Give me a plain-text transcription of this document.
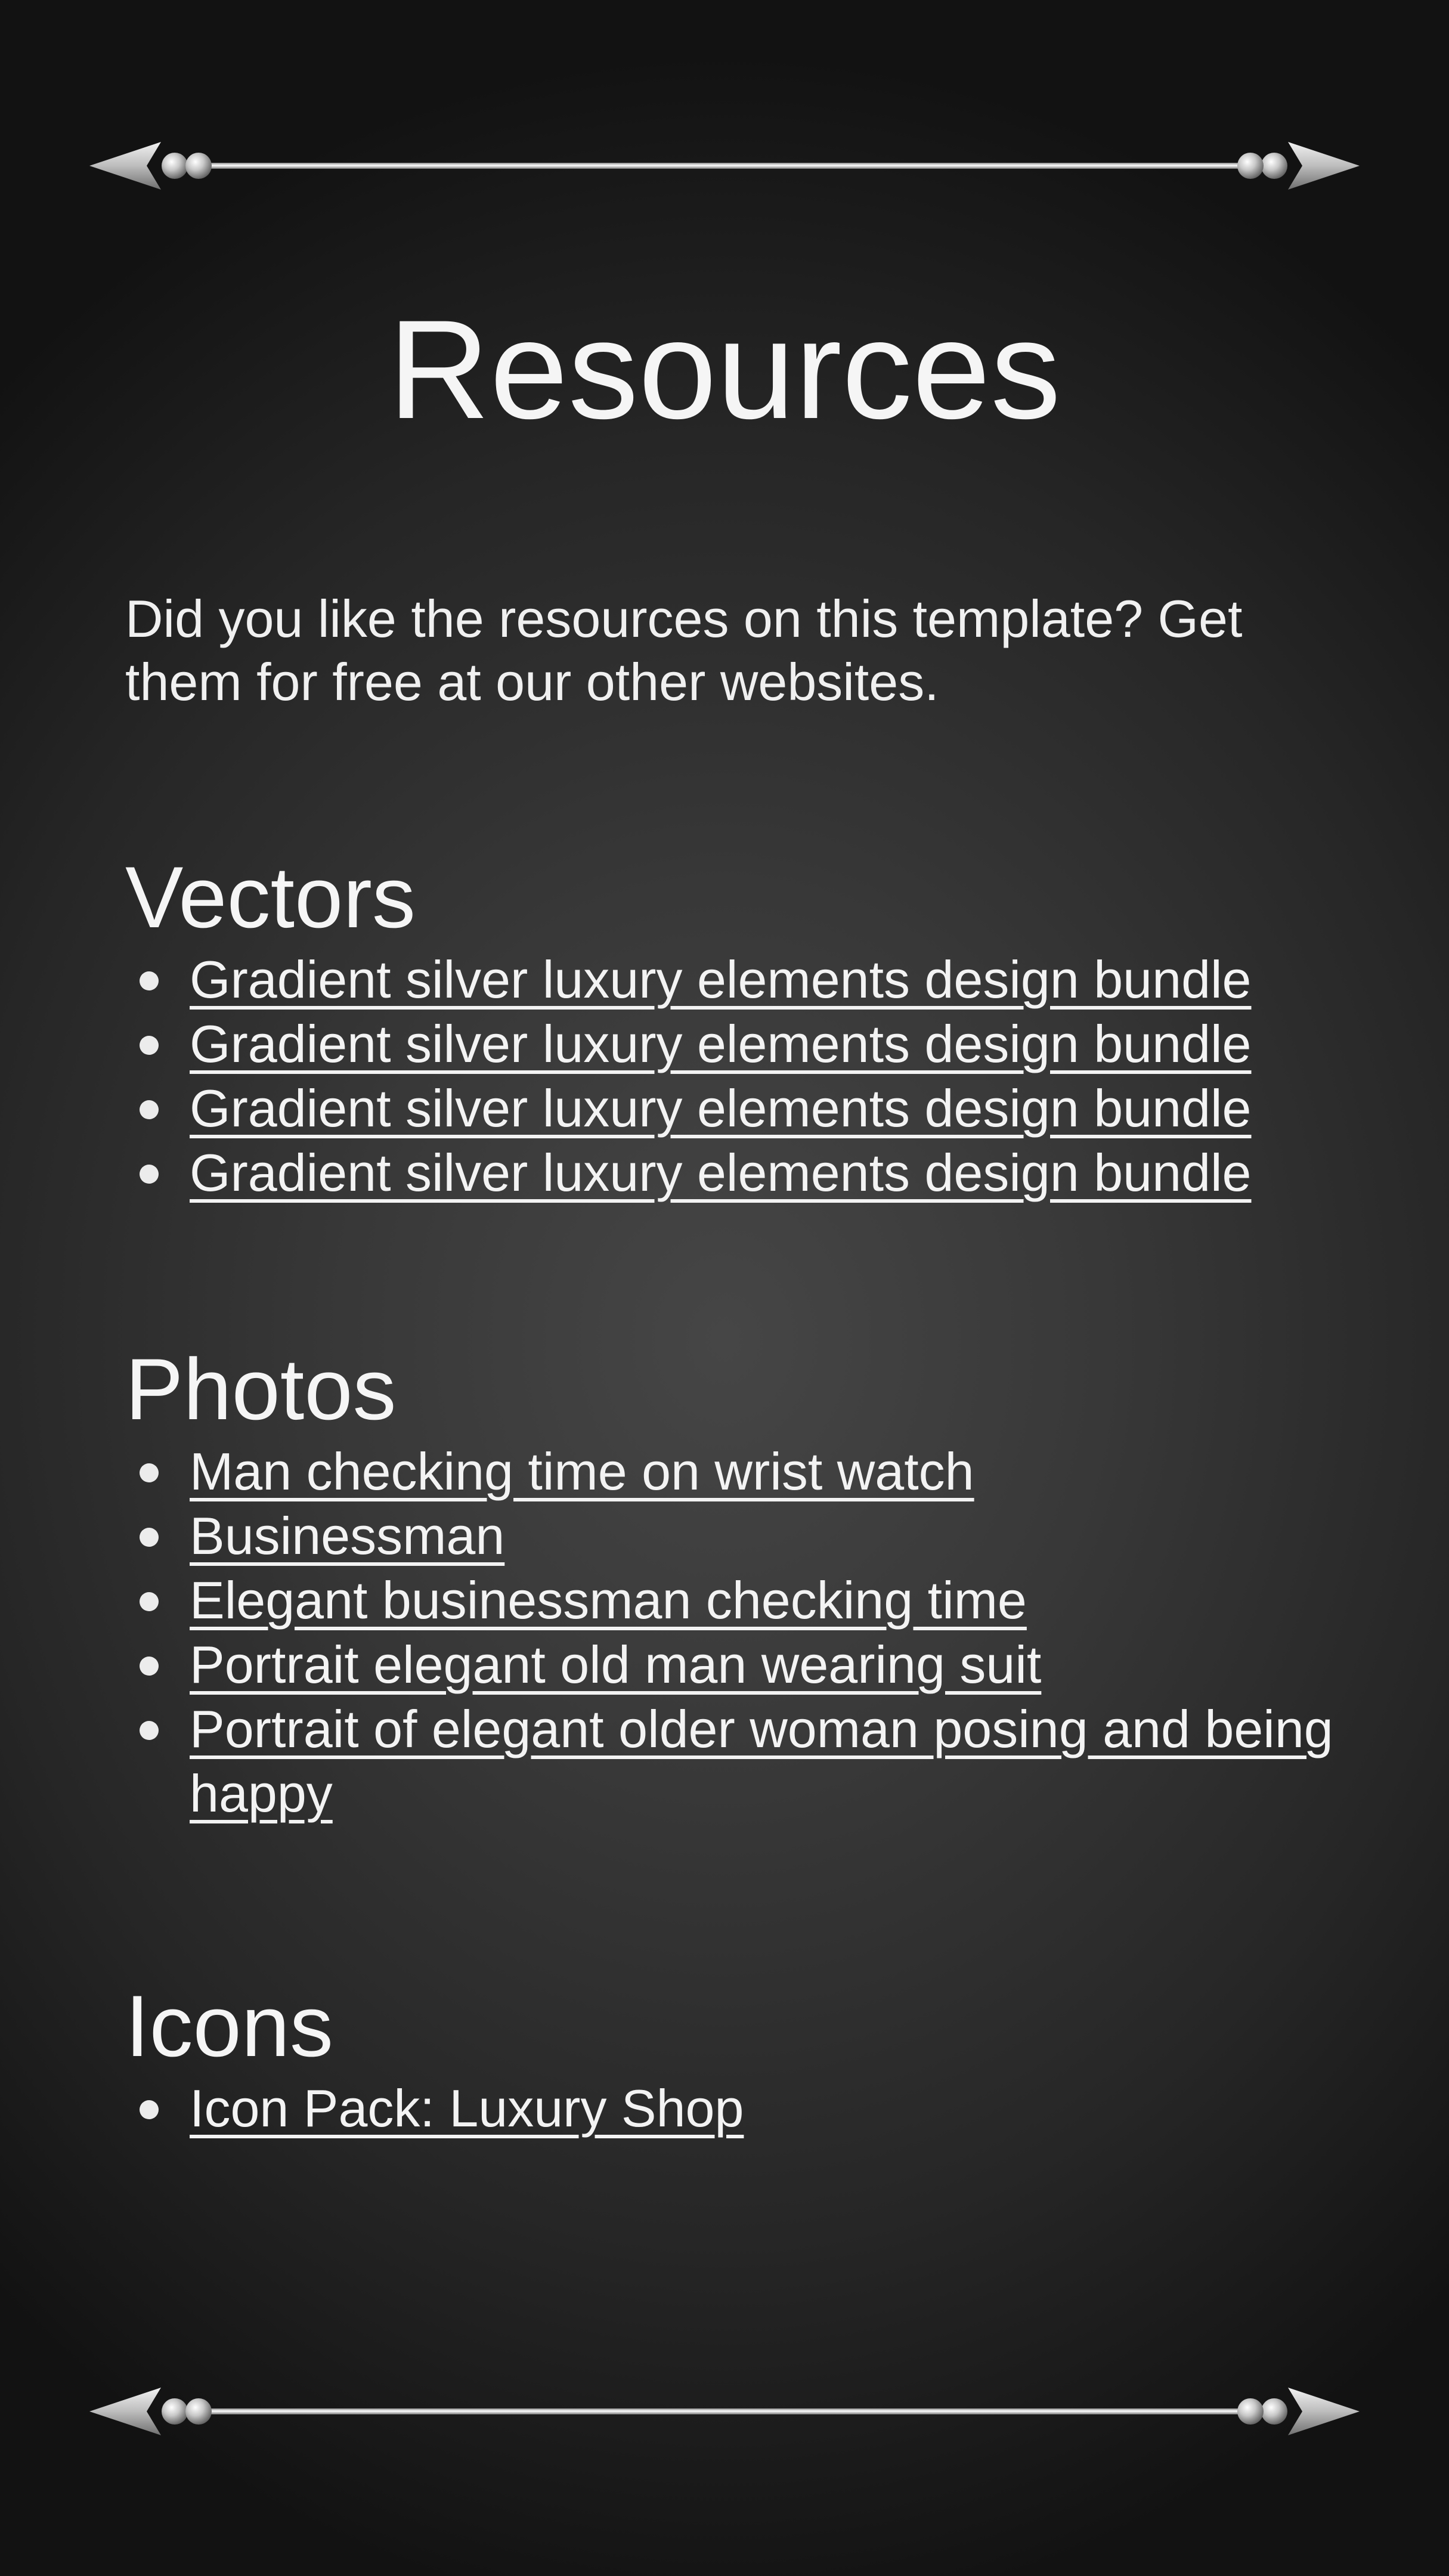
Resources

Did you like the resources on this template? Get them for free at our other websites.

Vectors
Gradient silver luxury elements design bundle
Gradient silver luxury elements design bundle
Gradient silver luxury elements design bundle
Gradient silver luxury elements design bundle
Photos
Man checking time on wrist watch
Businessman
Elegant businessman checking time
Portrait elegant old man wearing suit
Portrait of elegant older woman posing and being happy
Icons
Icon Pack: Luxury Shop
